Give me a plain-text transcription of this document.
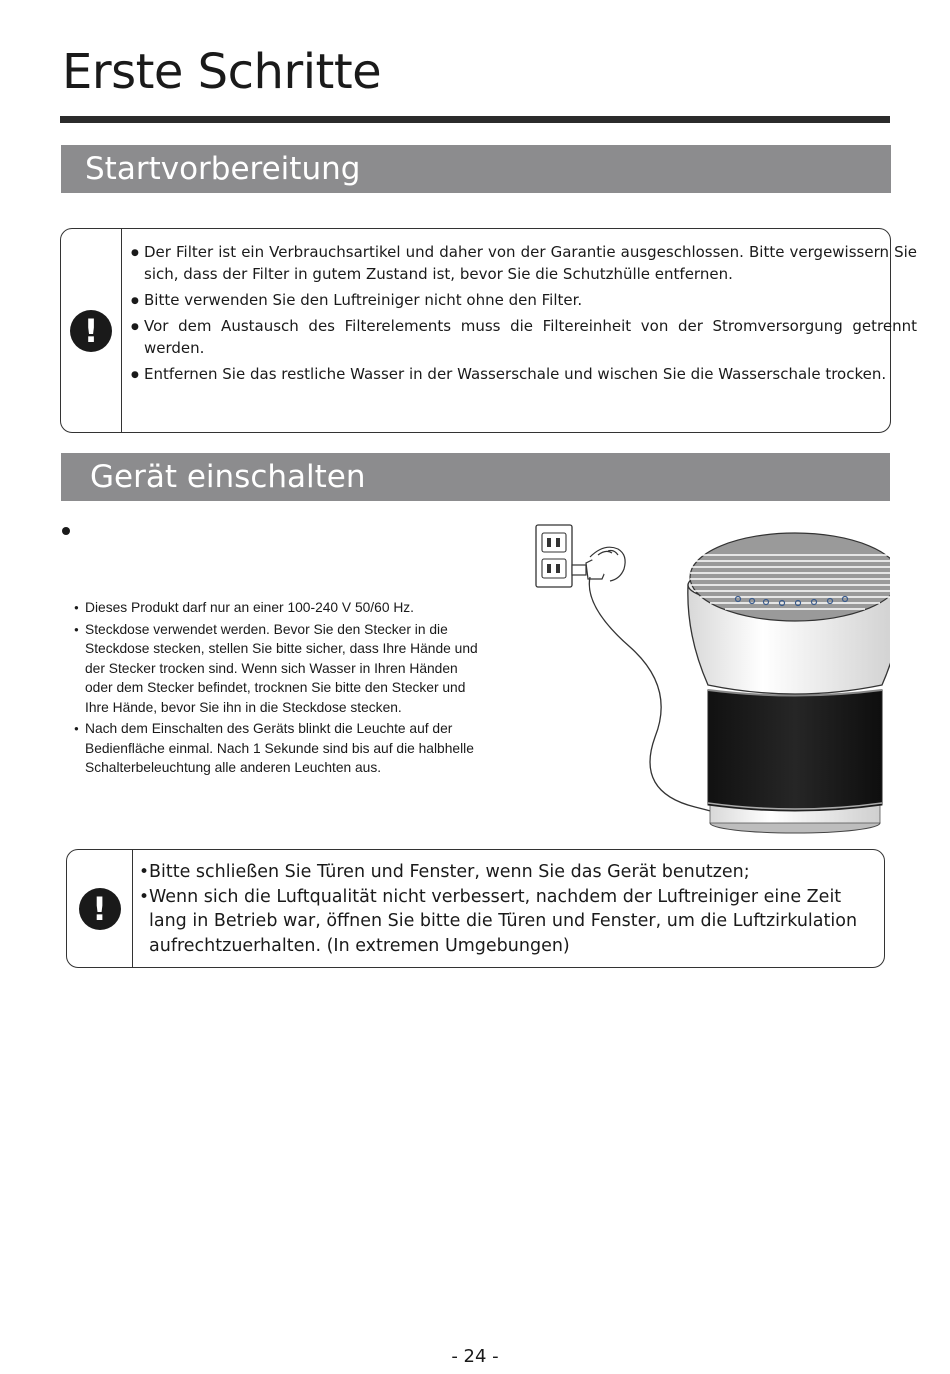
Erste Schritte
Startvorbereitung
!
● Der Filter ist ein Verbrauchsartikel und daher von der Garantie ausgeschlossen. Bitte vergewissern Sie sich, dass der Filter in gutem Zustand ist, bevor Sie die Schutzhülle entfernen.
● Bitte verwenden Sie den Luftreiniger nicht ohne den Filter.
● Vor dem Austausch des Filterelements muss die Filtereinheit von der Stromversorgung getrennt werden.
● Entfernen Sie das restliche Wasser in der Wasserschale und wischen Sie die Wasserschale trocken.
Gerät einschalten
● Dieses Produkt darf nur an einer 100-240 V 50/60 Hz.
● Steckdose verwendet werden. Bevor Sie den Stecker in die Steckdose stecken, stellen Sie bitte sicher, dass Ihre Hände und der Stecker trocken sind. Wenn sich Wasser in Ihren Händen oder dem Stecker befindet, trocknen Sie bitte den Stecker und Ihre Hände, bevor Sie ihn in die Steckdose stecken.
● Nach dem Einschalten des Geräts blinkt die Leuchte auf der Bedienfläche einmal. Nach 1 Sekunde sind bis auf die halbhelle Schalterbeleuchtung alle anderen Leuchten aus.
!
• Bitte schließen Sie Türen und Fenster, wenn Sie das Gerät benutzen;
• Wenn sich die Luftqualität nicht verbessert, nachdem der Luftreiniger eine Zeit lang in Betrieb war, öffnen Sie bitte die Türen und Fenster, um die Luftzirkulation aufrechtzuerhalten. (In extremen Umgebungen)
- 24 -
